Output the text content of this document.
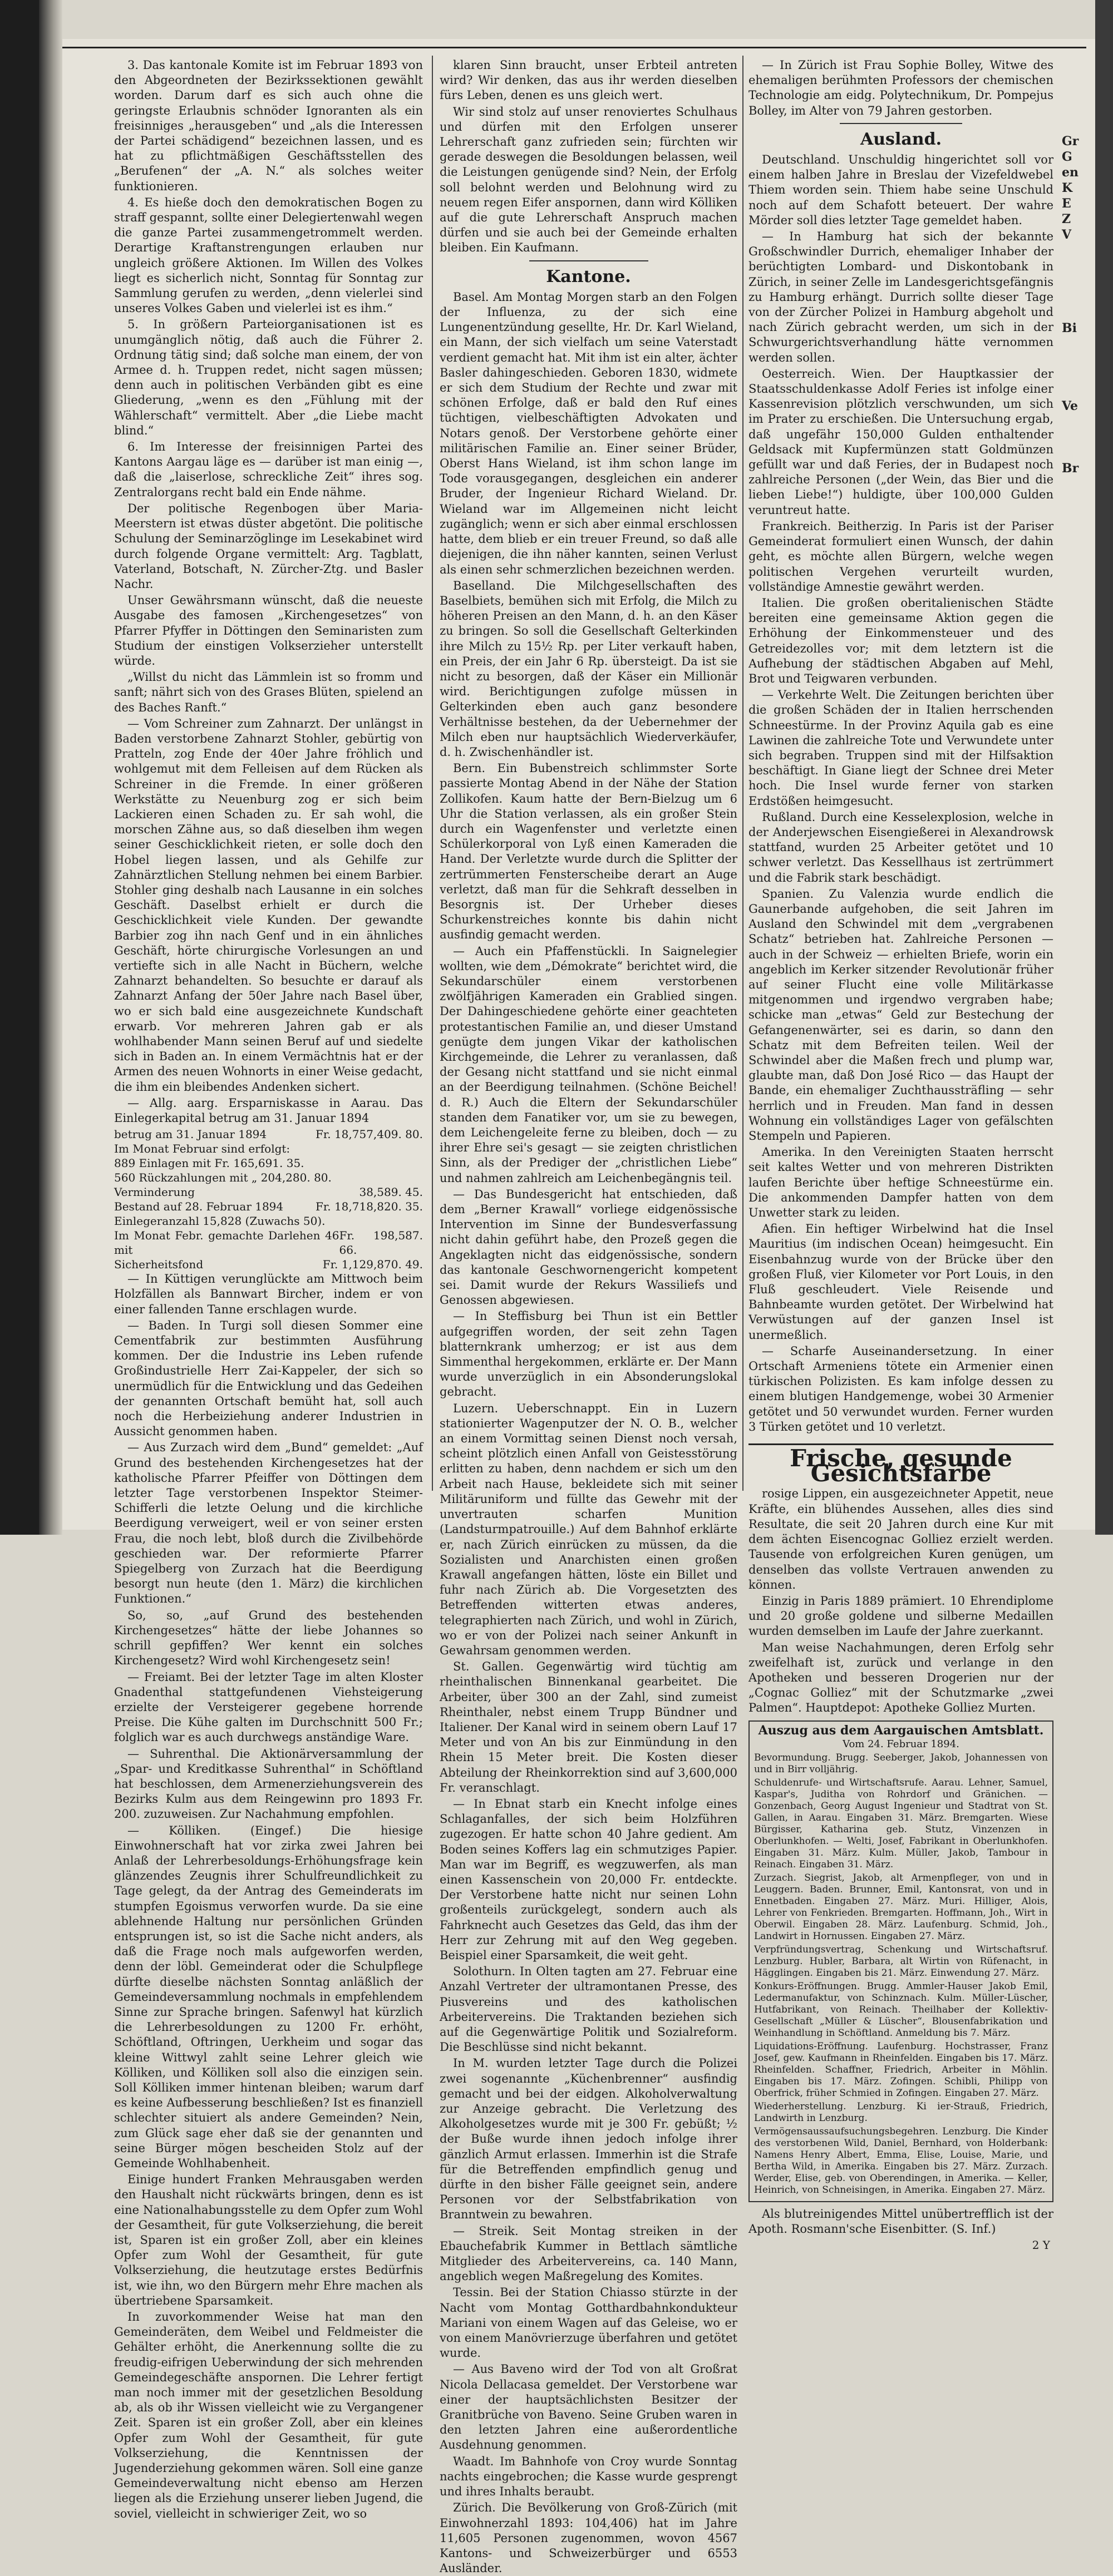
3. Das kantonale Komite ist im Februar 1893 von den Abgeordneten der Bezirkssektionen gewählt worden. Darum darf es sich auch ohne die geringste Erlaubnis schnöder Ignoranten als ein freisinniges „herausgeben“ und „als die Interessen der Partei schädigend“ bezeichnen lassen, und es hat zu pflichtmäßigen Geschäftsstellen des „Berufenen“ der „A. N.“ als solches weiter funktionieren.

4. Es hieße doch den demokratischen Bogen zu straff gespannt, sollte einer Delegiertenwahl wegen die ganze Partei zusammengetrommelt werden. Derartige Kraftanstrengungen erlauben nur ungleich größere Aktionen. Im Willen des Volkes liegt es sicherlich nicht, Sonntag für Sonntag zur Sammlung gerufen zu werden, „denn vielerlei sind unseres Volkes Gaben und vielerlei ist es ihm.“

5. In größern Parteiorganisationen ist es unumgänglich nötig, daß auch die Führer 2. Ordnung tätig sind; daß solche man einem, der von Armee d. h. Truppen redet, nicht sagen müssen; denn auch in politischen Verbänden gibt es eine Gliederung, „wenn es den „Fühlung mit der Wählerschaft“ vermittelt. Aber „die Liebe macht blind.“

6. Im Interesse der freisinnigen Partei des Kantons Aargau läge es — darüber ist man einig —, daß die „laiserlose, schreckliche Zeit“ ihres sog. Zentralorgans recht bald ein Ende nähme.

Der politische Regenbogen über Maria-Meerstern ist etwas düster abgetönt. Die politische Schulung der Seminarzöglinge im Lesekabinet wird durch folgende Organe vermittelt: Arg. Tagblatt, Vaterland, Botschaft, N. Zürcher-Ztg. und Basler Nachr.

Unser Gewährsmann wünscht, daß die neueste Ausgabe des famosen „Kirchengesetzes“ von Pfarrer Pfyffer in Döttingen den Seminaristen zum Studium der einstigen Volkserzieher unterstellt würde.

„Willst du nicht das Lämmlein ist so fromm und sanft; nährt sich von des Grases Blüten, spielend an des Baches Ranft.“

— Vom Schreiner zum Zahnarzt. Der unlängst in Baden verstorbene Zahnarzt Stohler, gebürtig von Pratteln, zog Ende der 40er Jahre fröhlich und wohlgemut mit dem Felleisen auf dem Rücken als Schreiner in die Fremde. In einer größeren Werkstätte zu Neuenburg zog er sich beim Lackieren einen Schaden zu. Er sah wohl, die morschen Zähne aus, so daß dieselben ihm wegen seiner Geschicklichkeit rieten, er solle doch den Hobel liegen lassen, und als Gehilfe zur Zahnärztlichen Stellung nehmen bei einem Barbier. Stohler ging deshalb nach Lausanne in ein solches Geschäft. Daselbst erhielt er durch die Geschicklichkeit viele Kunden. Der gewandte Barbier zog ihn nach Genf und in ein ähnliches Geschäft, hörte chirurgische Vorlesungen an und vertiefte sich in alle Nacht in Büchern, welche Zahnarzt behandelten. So besuchte er darauf als Zahnarzt Anfang der 50er Jahre nach Basel über, wo er sich bald eine ausgezeichnete Kundschaft erwarb. Vor mehreren Jahren gab er als wohlhabender Mann seinen Beruf auf und siedelte sich in Baden an. In einem Vermächtnis hat er der Armen des neuen Wohnorts in einer Weise gedacht, die ihm ein bleibendes Andenken sichert.

— Allg. aarg. Ersparniskasse in Aarau. Das Einlegerkapital betrug am 31. Januar 1894

betrug am 31. Januar 1894	Fr. 18,757,409. 80.
Im Monat Februar sind erfolgt:
889 Einlagen mit Fr. 165,691. 35.
560 Rückzahlungen mit „ 204,280. 80.
Verminderung	38,589. 45.
Bestand auf 28. Februar 1894	Fr. 18,718,820. 35.
Einlegeranzahl 15,828 (Zuwachs 50).
Im Monat Febr. gemachte Darlehen 46 mit
Fr. 198,587. 66.
Sicherheitsfond	Fr. 1,129,870. 49.

— In Küttigen verunglückte am Mittwoch beim Holzfällen als Bannwart Bircher, indem er von einer fallenden Tanne erschlagen wurde.

— Baden. In Turgi soll diesen Sommer eine Cementfabrik zur bestimmten Ausführung kommen. Der die Industrie ins Leben rufende Großindustrielle Herr Zai-Kappeler, der sich so unermüdlich für die Entwicklung und das Gedeihen der genannten Ortschaft bemüht hat, soll auch noch die Herbeiziehung anderer Industrien in Aussicht genommen haben.

— Aus Zurzach wird dem „Bund“ gemeldet: „Auf Grund des bestehenden Kirchengesetzes hat der katholische Pfarrer Pfeiffer von Döttingen dem letzter Tage verstorbenen Inspektor Steimer-Schifferli die letzte Oelung und die kirchliche Beerdigung verweigert, weil er von seiner ersten Frau, die noch lebt, bloß durch die Zivilbehörde geschieden war. Der reformierte Pfarrer Spiegelberg von Zurzach hat die Beerdigung besorgt nun heute (den 1. März) die kirchlichen Funktionen.“

So, so, „auf Grund des bestehenden Kirchengesetzes“ hätte der liebe Johannes so schrill gepfiffen? Wer kennt ein solches Kirchengesetz? Wird wohl Kirchengesetz sein!

— Freiamt. Bei der letzter Tage im alten Kloster Gnadenthal stattgefundenen Viehsteigerung erzielte der Versteigerer gegebene horrende Preise. Die Kühe galten im Durchschnitt 500 Fr.; folglich war es auch durchwegs anständige Ware.

— Suhrenthal. Die Aktionärversammlung der „Spar- und Kreditkasse Suhrenthal“ in Schöftland hat beschlossen, dem Armenerziehungsverein des Bezirks Kulm aus dem Reingewinn pro 1893 Fr. 200. zuzuweisen. Zur Nachahmung empfohlen.

— Kölliken. (Eingef.) Die hiesige Einwohnerschaft hat vor zirka zwei Jahren bei Anlaß der Lehrerbesoldungs-Erhöhungsfrage kein glänzendes Zeugnis ihrer Schulfreundlichkeit zu Tage gelegt, da der Antrag des Gemeinderats im stumpfen Egoismus verworfen wurde. Da sie eine ablehnende Haltung nur persönlichen Gründen entsprungen ist, so ist die Sache nicht anders, als daß die Frage noch mals aufgeworfen werden, denn der löbl. Gemeinderat oder die Schulpflege dürfte dieselbe nächsten Sonntag anläßlich der Gemeindeversammlung nochmals in empfehlendem Sinne zur Sprache bringen. Safenwyl hat kürzlich die Lehrerbesoldungen zu 1200 Fr. erhöht, Schöftland, Oftringen, Uerkheim und sogar das kleine Wittwyl zahlt seine Lehrer gleich wie Kölliken, und Kölliken soll also die einzigen sein. Soll Kölliken immer hintenan bleiben; warum darf es keine Aufbesserung beschließen? Ist es finanziell schlechter situiert als andere Gemeinden? Nein, zum Glück sage eher daß sie der genannten und seine Bürger mögen bescheiden Stolz auf der Gemeinde Wohlhabenheit.

Einige hundert Franken Mehrausgaben werden den Haushalt nicht rückwärts bringen, denn es ist eine Nationalhabungsstelle zu dem Opfer zum Wohl der Gesamtheit, für gute Volkserziehung, die bereit ist, Sparen ist ein großer Zoll, aber ein kleines Opfer zum Wohl der Gesamtheit, für gute Volkserziehung, die heutzutage erstes Bedürfnis ist, wie ihn, wo den Bürgern mehr Ehre machen als übertriebene Sparsamkeit.

In zuvorkommender Weise hat man den Gemeinderäten, dem Weibel und Feldmeister die Gehälter erhöht, die Anerkennung sollte die zu freudig-eifrigen Ueberwindung der sich mehrenden Gemeindegeschäfte anspornen. Die Lehrer fertigt man noch immer mit der gesetzlichen Besoldung ab, als ob ihr Wissen vielleicht wie zu Vergangener Zeit. Sparen ist ein großer Zoll, aber ein kleines Opfer zum Wohl der Gesamtheit, für gute Volkserziehung, die Kenntnissen der Jugenderziehung gekommen wären. Soll eine ganze Gemeindeverwaltung nicht ebenso am Herzen liegen als die Erziehung unserer lieben Jugend, die soviel, vielleicht in schwieriger Zeit, wo so

klaren Sinn braucht, unser Erbteil antreten wird? Wir denken, das aus ihr werden dieselben fürs Leben, denen es uns gleich wert.

Wir sind stolz auf unser renoviertes Schulhaus und dürfen mit den Erfolgen unserer Lehrerschaft ganz zufrieden sein; fürchten wir gerade deswegen die Besoldungen belassen, weil die Leistungen genügende sind? Nein, der Erfolg soll belohnt werden und Belohnung wird zu neuem regen Eifer anspornen, dann wird Kölliken auf die gute Lehrerschaft Anspruch machen dürfen und sie auch bei der Gemeinde erhalten bleiben. Ein Kaufmann.

Kantone.

Basel. Am Montag Morgen starb an den Folgen der Influenza, zu der sich eine Lungenentzündung gesellte, Hr. Dr. Karl Wieland, ein Mann, der sich vielfach um seine Vaterstadt verdient gemacht hat. Mit ihm ist ein alter, ächter Basler dahingeschieden. Geboren 1830, widmete er sich dem Studium der Rechte und zwar mit schönen Erfolge, daß er bald den Ruf eines tüchtigen, vielbeschäftigten Advokaten und Notars genoß. Der Verstorbene gehörte einer militärischen Familie an. Einer seiner Brüder, Oberst Hans Wieland, ist ihm schon lange im Tode vorausgegangen, desgleichen ein anderer Bruder, der Ingenieur Richard Wieland. Dr. Wieland war im Allgemeinen nicht leicht zugänglich; wenn er sich aber einmal erschlossen hatte, dem blieb er ein treuer Freund, so daß alle diejenigen, die ihn näher kannten, seinen Verlust als einen sehr schmerzlichen bezeichnen werden.

Baselland. Die Milchgesellschaften des Baselbiets, bemühen sich mit Erfolg, die Milch zu höheren Preisen an den Mann, d. h. an den Käser zu bringen. So soll die Gesellschaft Gelterkinden ihre Milch zu 15½ Rp. per Liter verkauft haben, ein Preis, der ein Jahr 6 Rp. übersteigt. Da ist sie nicht zu besorgen, daß der Käser ein Millionär wird. Berichtigungen zufolge müssen in Gelterkinden eben auch ganz besondere Verhältnisse bestehen, da der Uebernehmer der Milch eben nur hauptsächlich Wiederverkäufer, d. h. Zwischenhändler ist.

Bern. Ein Bubenstreich schlimmster Sorte passierte Montag Abend in der Nähe der Station Zollikofen. Kaum hatte der Bern-Bielzug um 6 Uhr die Station verlassen, als ein großer Stein durch ein Wagenfenster und verletzte einen Schülerkorporal von Lyß einen Kameraden die Hand. Der Verletzte wurde durch die Splitter der zertrümmerten Fensterscheibe derart an Auge verletzt, daß man für die Sehkraft desselben in Besorgnis ist. Der Urheber dieses Schurkenstreiches konnte bis dahin nicht ausfindig gemacht werden.

— Auch ein Pfaffenstückli. In Saignelegier wollten, wie dem „Démokrate“ berichtet wird, die Sekundarschüler einem verstorbenen zwölfjährigen Kameraden ein Grablied singen. Der Dahingeschiedene gehörte einer geachteten protestantischen Familie an, und dieser Umstand genügte dem jungen Vikar der katholischen Kirchgemeinde, die Lehrer zu veranlassen, daß der Gesang nicht stattfand und sie nicht einmal an der Beerdigung teilnahmen. (Schöne Beichel! d. R.) Auch die Eltern der Sekundarschüler standen dem Fanatiker vor, um sie zu bewegen, dem Leichengeleite ferne zu bleiben, doch — zu ihrer Ehre sei's gesagt — sie zeigten christlichen Sinn, als der Prediger der „christlichen Liebe“ und nahmen zahlreich am Leichenbegängnis teil.

— Das Bundesgericht hat entschieden, daß dem „Berner Krawall“ vorliege eidgenössische Intervention im Sinne der Bundesverfassung nicht dahin geführt habe, den Prozeß gegen die Angeklagten nicht das eidgenössische, sondern das kantonale Geschwornengericht kompetent sei. Damit wurde der Rekurs Wassiliefs und Genossen abgewiesen.

— In Steffisburg bei Thun ist ein Bettler aufgegriffen worden, der seit zehn Tagen blatternkrank umherzog; er ist aus dem Simmenthal hergekommen, erklärte er. Der Mann wurde unverzüglich in ein Absonderungslokal gebracht.

Luzern. Ueberschnappt. Ein in Luzern stationierter Wagenputzer der N. O. B., welcher an einem Vormittag seinen Dienst noch versah, scheint plötzlich einen Anfall von Geistesstörung erlitten zu haben, denn nachdem er sich um den Arbeit nach Hause, bekleidete sich mit seiner Militäruniform und füllte das Gewehr mit der unvertrauten scharfen Munition (Landsturmpatrouille.) Auf dem Bahnhof erklärte er, nach Zürich einrücken zu müssen, da die Sozialisten und Anarchisten einen großen Krawall angefangen hätten, löste ein Billet und fuhr nach Zürich ab. Die Vorgesetzten des Betreffenden witterten etwas anderes, telegraphierten nach Zürich, und wohl in Zürich, wo er von der Polizei nach seiner Ankunft in Gewahrsam genommen werden.

St. Gallen. Gegenwärtig wird tüchtig am rheinthalischen Binnenkanal gearbeitet. Die Arbeiter, über 300 an der Zahl, sind zumeist Rheinthaler, nebst einem Trupp Bündner und Italiener. Der Kanal wird in seinem obern Lauf 17 Meter und von An bis zur Einmündung in den Rhein 15 Meter breit. Die Kosten dieser Abteilung der Rheinkorrektion sind auf 3,600,000 Fr. veranschlagt.

— In Ebnat starb ein Knecht infolge eines Schlaganfalles, der sich beim Holzführen zugezogen. Er hatte schon 40 Jahre gedient. Am Boden seines Koffers lag ein schmutziges Papier. Man war im Begriff, es wegzuwerfen, als man einen Kassenschein von 20,000 Fr. entdeckte. Der Verstorbene hatte nicht nur seinen Lohn großenteils zurückgelegt, sondern auch als Fahrknecht auch Gesetzes das Geld, das ihm der Herr zur Zehrung mit auf den Weg gegeben. Beispiel einer Sparsamkeit, die weit geht.

Solothurn. In Olten tagten am 27. Februar eine Anzahl Vertreter der ultramontanen Presse, des Piusvereins und des katholischen Arbeitervereins. Die Traktanden beziehen sich auf die Gegenwärtige Politik und Sozialreform. Die Beschlüsse sind nicht bekannt.

In M. wurden letzter Tage durch die Polizei zwei sogenannte „Küchenbrenner“ ausfindig gemacht und bei der eidgen. Alkoholverwaltung zur Anzeige gebracht. Die Verletzung des Alkoholgesetzes wurde mit je 300 Fr. gebüßt; ½ der Buße wurde ihnen jedoch infolge ihrer gänzlich Armut erlassen. Immerhin ist die Strafe für die Betreffenden empfindlich genug und dürfte in den bisher Fälle geeignet sein, andere Personen vor der Selbstfabrikation von Branntwein zu bewahren.

— Streik. Seit Montag streiken in der Ebauchefabrik Kummer in Bettlach sämtliche Mitglieder des Arbeitervereins, ca. 140 Mann, angeblich wegen Maßregelung des Komites.

Tessin. Bei der Station Chiasso stürzte in der Nacht vom Montag Gotthardbahnkondukteur Mariani von einem Wagen auf das Geleise, wo er von einem Manövrierzuge überfahren und getötet wurde.

— Aus Baveno wird der Tod von alt Großrat Nicola Dellacasa gemeldet. Der Verstorbene war einer der hauptsächlichsten Besitzer der Granitbrüche von Baveno. Seine Gruben waren in den letzten Jahren eine außerordentliche Ausdehnung genommen.

Waadt. Im Bahnhofe von Croy wurde Sonntag nachts eingebrochen; die Kasse wurde gesprengt und ihres Inhalts beraubt.

Zürich. Die Bevölkerung von Groß-Zürich (mit Einwohnerzahl 1893: 104,406) hat im Jahre 11,605 Personen zugenommen, wovon 4567 Kantons- und Schweizerbürger und 6553 Ausländer.

— In Zürich ist Frau Sophie Bolley, Witwe des ehemaligen berühmten Professors der chemischen Technologie am eidg. Polytechnikum, Dr. Pompejus Bolley, im Alter von 79 Jahren gestorben.

Ausland.

Deutschland. Unschuldig hingerichtet soll vor einem halben Jahre in Breslau der Vizefeldwebel Thiem worden sein. Thiem habe seine Unschuld noch auf dem Schafott beteuert. Der wahre Mörder soll dies letzter Tage gemeldet haben.

— In Hamburg hat sich der bekannte Großschwindler Durrich, ehemaliger Inhaber der berüchtigten Lombard- und Diskontobank in Zürich, in seiner Zelle im Landesgerichtsgefängnis zu Hamburg erhängt. Durrich sollte dieser Tage von der Zürcher Polizei in Hamburg abgeholt und nach Zürich gebracht werden, um sich in der Schwurgerichtsverhandlung hätte vernommen werden sollen.

Oesterreich. Wien. Der Hauptkassier der Staatsschuldenkasse Adolf Feries ist infolge einer Kassenrevision plötzlich verschwunden, um sich im Prater zu erschießen. Die Untersuchung ergab, daß ungefähr 150,000 Gulden enthaltender Geldsack mit Kupfermünzen statt Goldmünzen gefüllt war und daß Feries, der in Budapest noch zahlreiche Personen („der Wein, das Bier und die lieben Liebe!“) huldigte, über 100,000 Gulden veruntreut hatte.

Frankreich. Beitherzig. In Paris ist der Pariser Gemeinderat formuliert einen Wunsch, der dahin geht, es möchte allen Bürgern, welche wegen politischen Vergehen verurteilt wurden, vollständige Amnestie gewährt werden.

Italien. Die großen oberitalienischen Städte bereiten eine gemeinsame Aktion gegen die Erhöhung der Einkommensteuer und des Getreidezolles vor; mit dem letztern ist die Aufhebung der städtischen Abgaben auf Mehl, Brot und Teigwaren verbunden.

— Verkehrte Welt. Die Zeitungen berichten über die großen Schäden der in Italien herrschenden Schneestürme. In der Provinz Aquila gab es eine Lawinen die zahlreiche Tote und Verwundete unter sich begraben. Truppen sind mit der Hilfsaktion beschäftigt. In Giane liegt der Schnee drei Meter hoch. Die Insel wurde ferner von starken Erdstößen heimgesucht.

Rußland. Durch eine Kesselexplosion, welche in der Anderjewschen Eisengießerei in Alexandrowsk stattfand, wurden 25 Arbeiter getötet und 10 schwer verletzt. Das Kessellhaus ist zertrümmert und die Fabrik stark beschädigt.

Spanien. Zu Valenzia wurde endlich die Gaunerbande aufgehoben, die seit Jahren im Ausland den Schwindel mit dem „vergrabenen Schatz“ betrieben hat. Zahlreiche Personen — auch in der Schweiz — erhielten Briefe, worin ein angeblich im Kerker sitzender Revolutionär früher auf seiner Flucht eine volle Militärkasse mitgenommen und irgendwo vergraben habe; schicke man „etwas“ Geld zur Bestechung der Gefangenenwärter, sei es darin, so dann den Schatz mit dem Befreiten teilen. Weil der Schwindel aber die Maßen frech und plump war, glaubte man, daß Don José Rico — das Haupt der Bande, ein ehemaliger Zuchthaussträfling — sehr herrlich und in Freuden. Man fand in dessen Wohnung ein vollständiges Lager von gefälschten Stempeln und Papieren.

Amerika. In den Vereinigten Staaten herrscht seit kaltes Wetter und von mehreren Distrikten laufen Berichte über heftige Schneestürme ein. Die ankommenden Dampfer hatten von dem Unwetter stark zu leiden.

Afien. Ein heftiger Wirbelwind hat die Insel Mauritius (im indischen Ocean) heimgesucht. Ein Eisenbahnzug wurde von der Brücke über den großen Fluß, vier Kilometer vor Port Louis, in den Fluß geschleudert. Viele Reisende und Bahnbeamte wurden getötet. Der Wirbelwind hat Verwüstungen auf der ganzen Insel ist unermeßlich.

— Scharfe Auseinandersetzung. In einer Ortschaft Armeniens tötete ein Armenier einen türkischen Polizisten. Es kam infolge dessen zu einem blutigen Handgemenge, wobei 30 Armenier getötet und 50 verwundet wurden. Ferner wurden 3 Türken getötet und 10 verletzt.

Frische, gesunde Gesichtsfarbe

rosige Lippen, ein ausgezeichneter Appetit, neue Kräfte, ein blühendes Aussehen, alles dies sind Resultate, die seit 20 Jahren durch eine Kur mit dem ächten Eisencognac Golliez erzielt werden. Tausende von erfolgreichen Kuren genügen, um denselben das vollste Vertrauen anwenden zu können.

Einzig in Paris 1889 prämiert. 10 Ehrendiplome und 20 große goldene und silberne Medaillen wurden demselben im Laufe der Jahre zuerkannt.

Man weise Nachahmungen, deren Erfolg sehr zweifelhaft ist, zurück und verlange in den Apotheken und besseren Drogerien nur der „Cognac Golliez“ mit der Schutzmarke „zwei Palmen“. Hauptdepot: Apotheke Golliez Murten.

Auszug aus dem Aargauischen Amtsblatt.

Vom 24. Februar 1894.

Bevormundung. Brugg. Seeberger, Jakob, Johannessen von und in Birr volljährig.

Schuldenrufe- und Wirtschaftsrufe. Aarau. Lehner, Samuel, Kaspar's, Juditha von Rohrdorf und Gränichen. — Gonzenbach, Georg August Ingenieur und Stadtrat von St. Gallen, in Aarau. Eingaben 31. März. Bremgarten. Wiese Bürgisser, Katharina geb. Stutz, Vinzenzen in Oberlunkhofen. — Welti, Josef, Fabrikant in Oberlunkhofen. Eingaben 31. März. Kulm. Müller, Jakob, Tambour in Reinach. Eingaben 31. März.

Zurzach. Siegrist, Jakob, alt Armenpfleger, von und in Leuggern. Baden. Brunner, Emil, Kantonsrat, von und in Ennetbaden. Eingaben 27. März. Muri. Hilliger, Alois, Lehrer von Fenkrieden. Bremgarten. Hoffmann, Joh., Wirt in Oberwil. Eingaben 28. März. Laufenburg. Schmid, Joh., Landwirt in Hornussen. Eingaben 27. März.

Verpfründungsvertrag, Schenkung und Wirtschaftsruf. Lenzburg. Hubler, Barbara, alt Wirtin von Rüfenacht, in Hägglingen. Eingaben bis 21. März. Einwendung 27. März.

Konkurs-Eröffnungen. Brugg. Ammler-Hauser Jakob Emil, Ledermanufaktur, von Schinznach. Kulm. Müller-Lüscher, Hutfabrikant, von Reinach. Theilhaber der Kollektiv-Gesellschaft „Müller & Lüscher“, Blousenfabrikation und Weinhandlung in Schöftland. Anmeldung bis 7. März.

Liquidations-Eröffnung. Laufenburg. Hochstrasser, Franz Josef, gew. Kaufmann in Rheinfelden. Eingaben bis 17. März. Rheinfelden. Schaffner, Friedrich, Arbeiter in Möhlin. Eingaben bis 17. März. Zofingen. Schibli, Philipp von Oberfrick, früher Schmied in Zofingen. Eingaben 27. März.

Wiederherstellung. Lenzburg. Ki ier-Strauß, Friedrich, Landwirth in Lenzburg.

Vermögensaussaufsuchungsbegehren. Lenzburg. Die Kinder des verstorbenen Wild, Daniel, Bernhard, von Holderbank: Namens Henry Albert, Emma, Elise, Louise, Marie, und Bertha Wild, in Amerika. Eingaben bis 27. März. Zurzach. Werder, Elise, geb. von Oberendingen, in Amerika. — Keller, Heinrich, von Schneisingen, in Amerika. Eingaben 27. März.

Als blutreinigendes Mittel unübertrefflich ist der Apoth. Rosmann'sche Eisenbitter. (S. Inf.)

2 Y
Gr
G
en
K
E
Z
V

Bi

Ve

Br
